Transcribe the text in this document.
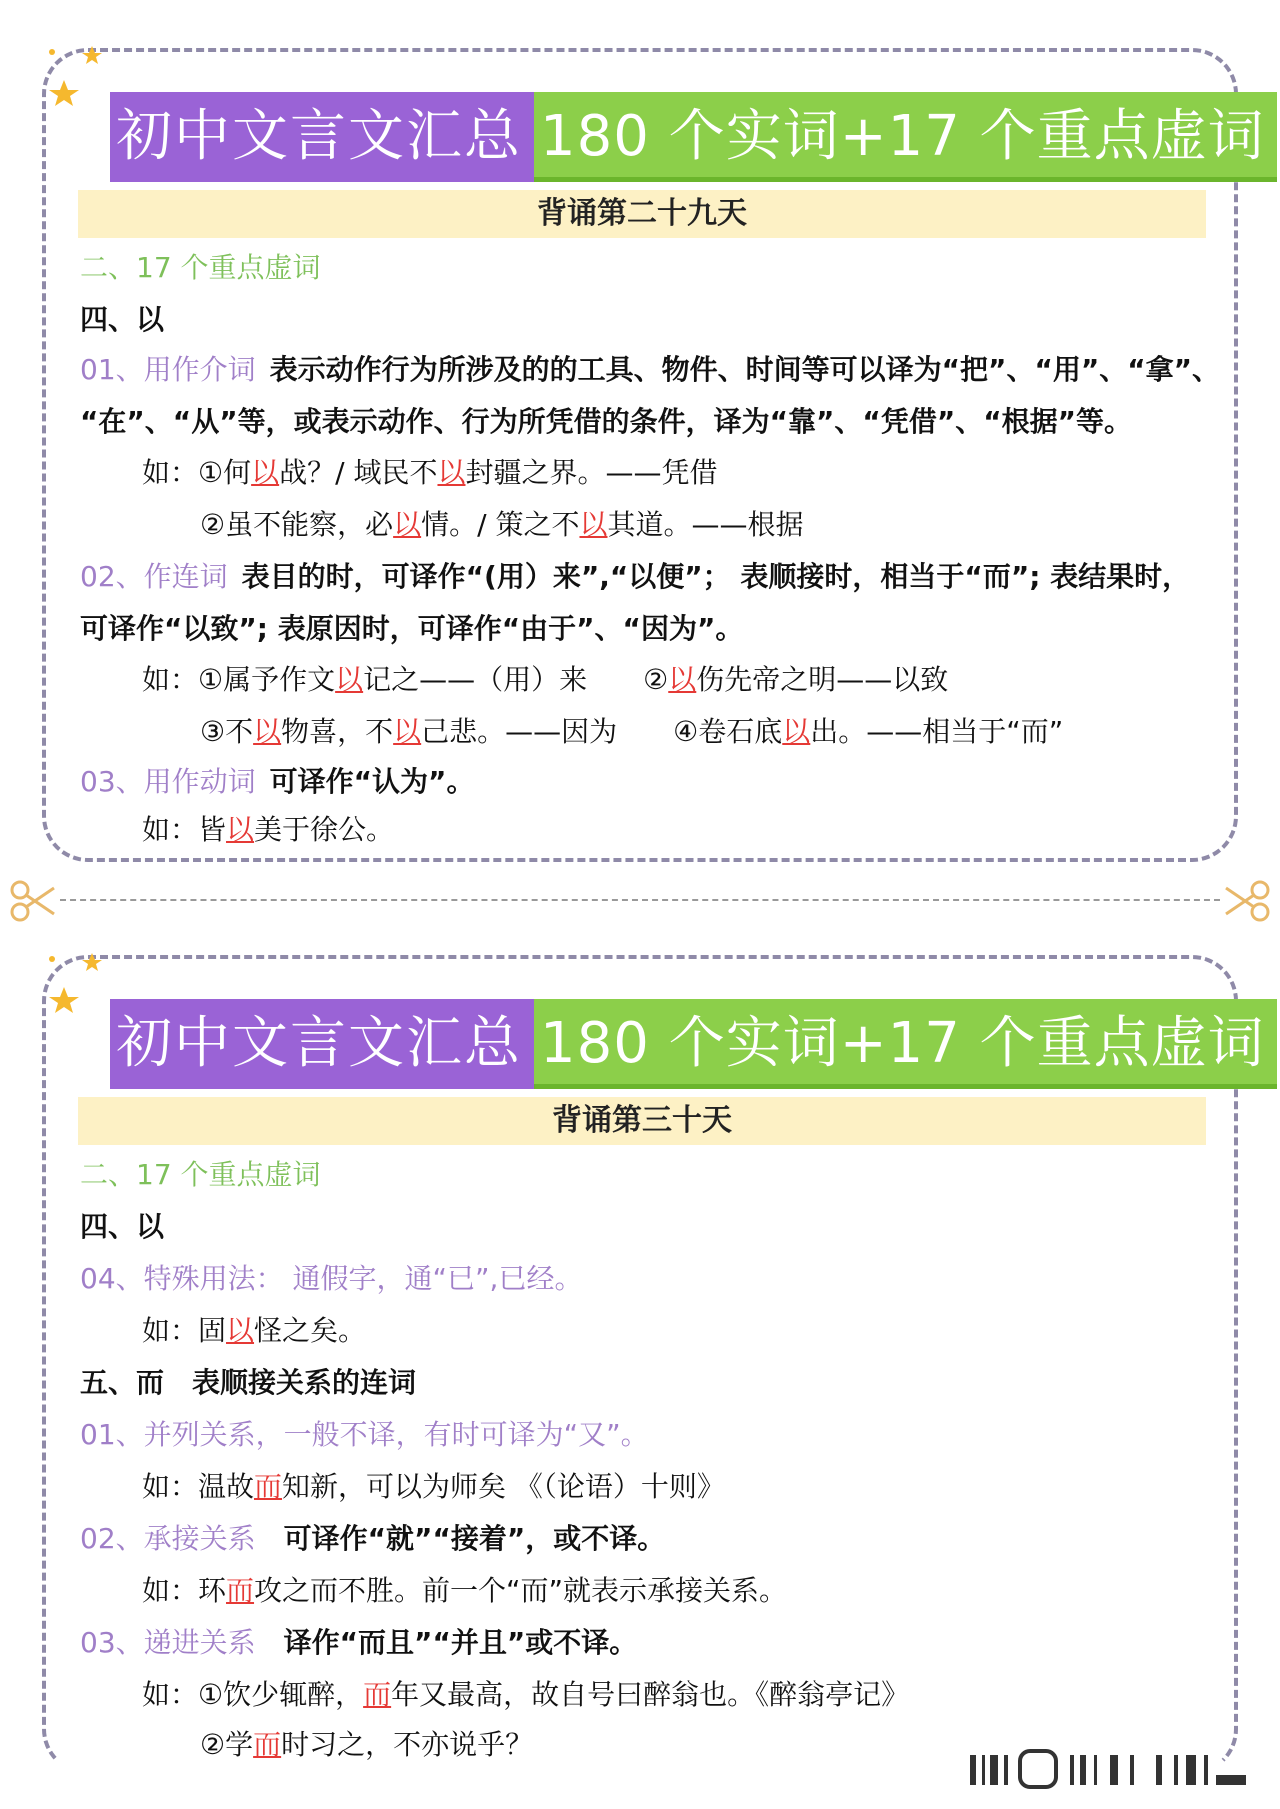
初中文言文汇总 180 个实词+17 个重点虚词
背诵第二十九天
二、17 个重点虚词
四、以
01、用作介词 表示动作行为所涉及的的工具、物件、时间等可以译为“把”、“用”、“拿”、
“在”、“从”等，或表示动作、行为所凭借的条件，译为“靠”、“凭借”、“根据”等。
如：①何以战？/ 域民不以封疆之界。——凭借
②虽不能察，必以情。/ 策之不以其道。——根据
02、作连词 表目的时，可译作“(用）来”,“以便”； 表顺接时，相当于“而”; 表结果时，
可译作“以致”; 表原因时，可译作“由于”、“因为”。
如：①属予作文以记之——（用）来 ②以伤先帝之明——以致
③不以物喜，不以己悲。——因为 ④卷石底以出。——相当于“而”
03、用作动词 可译作“认为”。
如：皆以美于徐公。
初中文言文汇总 180 个实词+17 个重点虚词
背诵第三十天
二、17 个重点虚词
四、以
04、特殊用法： 通假字，通“已”,已经。
如：固以怪之矣。
五、而 表顺接关系的连词
01、并列关系，一般不译，有时可译为“又”。
如：温故而知新，可以为师矣 《（论语）十则》
02、承接关系 可译作“就”“接着”，或不译。
如：环而攻之而不胜。前一个“而”就表示承接关系。
03、递进关系 译作“而且”“并且”或不译。
如：①饮少辄醉，而年又最高，故自号曰醉翁也。《醉翁亭记》
②学而时习之，不亦说乎？
